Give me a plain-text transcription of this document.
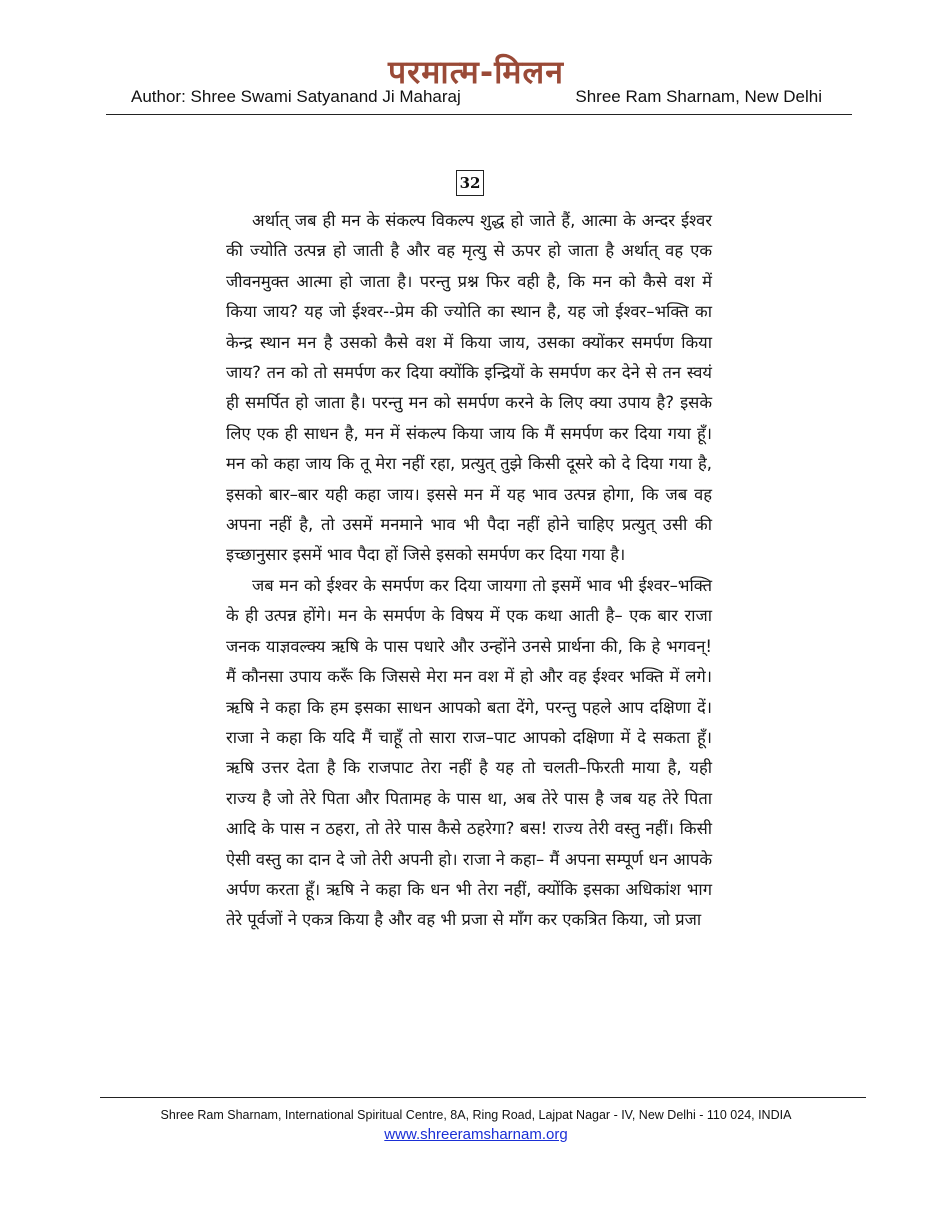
परमात्म-मिलन
Author: Shree Swami Satyanand Ji Maharaj	Shree Ram Sharnam, New Delhi
32

अर्थात् जब ही मन के संकल्प विकल्प शुद्ध हो जाते हैं, आत्मा के अन्दर ईश्वर की ज्योति उत्पन्न हो जाती है और वह मृत्यु से ऊपर हो जाता है अर्थात् वह एक जीवनमुक्त आत्मा हो जाता है। परन्तु प्रश्न फिर वही है, कि मन को कैसे वश में किया जाय? यह जो ईश्वर--प्रेम की ज्योति का स्थान है, यह जो ईश्वर–भक्ति का केन्द्र स्थान मन है उसको कैसे वश में किया जाय, उसका क्योंकर समर्पण किया जाय? तन को तो समर्पण कर दिया क्योंकि इन्द्रियों के समर्पण कर देने से तन स्वयं ही समर्पित हो जाता है। परन्तु मन को समर्पण करने के लिए क्या उपाय है? इसके लिए एक ही साधन है, मन में संकल्प किया जाय कि मैं समर्पण कर दिया गया हूँ। मन को कहा जाय कि तू मेरा नहीं रहा, प्रत्युत् तुझे किसी दूसरे को दे दिया गया है, इसको बार–बार यही कहा जाय। इससे मन में यह भाव उत्पन्न होगा, कि जब वह अपना नहीं है, तो उसमें मनमाने भाव भी पैदा नहीं होने चाहिए प्रत्युत् उसी की इच्छानुसार इसमें भाव पैदा हों जिसे इसको समर्पण कर दिया गया है।

जब मन को ईश्वर के समर्पण कर दिया जायगा तो इसमें भाव भी ईश्वर–भक्ति के ही उत्पन्न होंगे। मन के समर्पण के विषय में एक कथा आती है– एक बार राजा जनक याज्ञवल्क्य ऋषि के पास पधारे और उन्होंने उनसे प्रार्थना की, कि हे भगवन्! मैं कौनसा उपाय करूँ कि जिससे मेरा मन वश में हो और वह ईश्वर भक्ति में लगे। ऋषि ने कहा कि हम इसका साधन आपको बता देंगे, परन्तु पहले आप दक्षिणा दें। राजा ने कहा कि यदि मैं चाहूँ तो सारा राज–पाट आपको दक्षिणा में दे सकता हूँ। ऋषि उत्तर देता है कि राजपाट तेरा नहीं है यह तो चलती–फिरती माया है, यही राज्य है जो तेरे पिता और पितामह के पास था, अब तेरे पास है जब यह तेरे पिता आदि के पास न ठहरा, तो तेरे पास कैसे ठहरेगा? बस! राज्य तेरी वस्तु नहीं। किसी ऐसी वस्तु का दान दे जो तेरी अपनी हो। राजा ने कहा– मैं अपना सम्पूर्ण धन आपके अर्पण करता हूँ। ऋषि ने कहा कि धन भी तेरा नहीं, क्योंकि इसका अधिकांश भाग तेरे पूर्वजों ने एकत्र किया है और वह भी प्रजा से माँग कर एकत्रित किया, जो प्रजा

Shree Ram Sharnam, International Spiritual Centre, 8A, Ring Road, Lajpat Nagar - IV, New Delhi - 110 024, INDIA
www.shreeramsharnam.org
